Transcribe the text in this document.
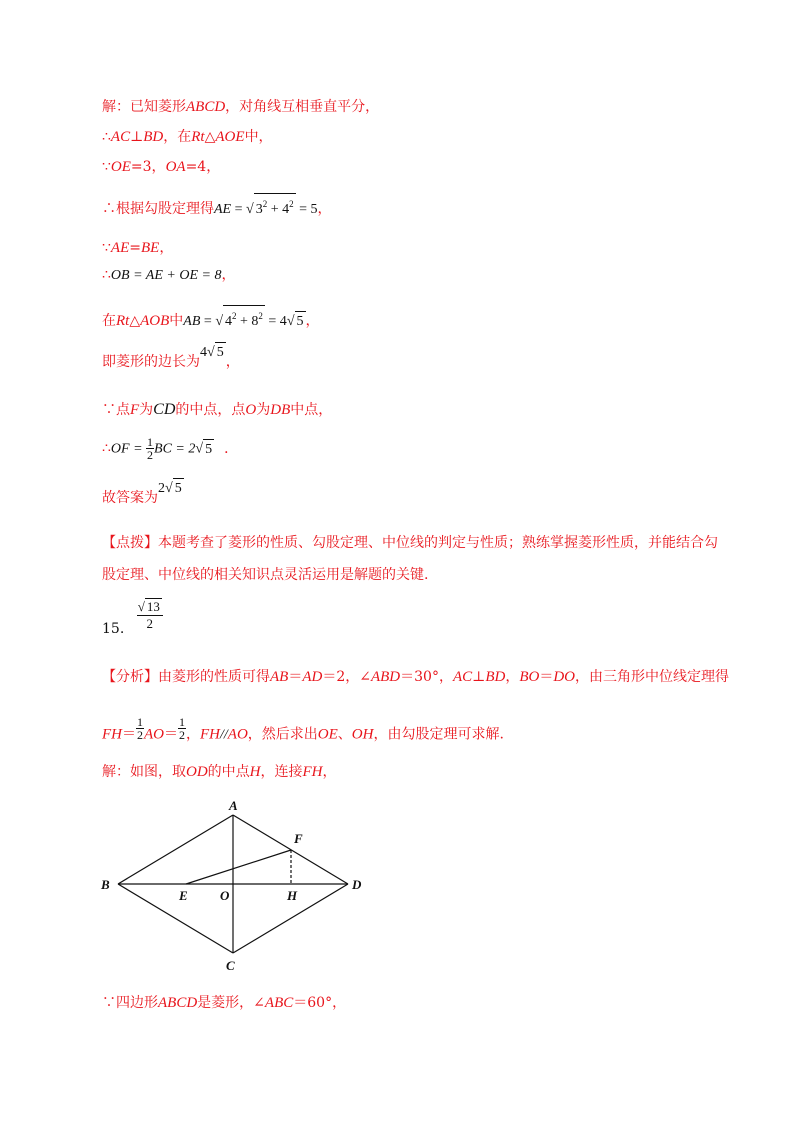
解：已知菱形ABCD，对角线互相垂直平分，
∴AC⊥BD，在Rt△AOE中，
∵OE=3，OA=4，
∴根据勾股定理得AE = √ $3^2 + 4^2 = 5$，
∵AE=BE，
∴OB = AE + OE = 8，
在Rt△AOB中AB = √ $4^2 + 8^2 = 4√$ 5 ，
即菱形的边长为4√ 5，
∵点F为CD的中点，点O为DB中点，
∴OF = $\frac{1}{2}$ BC = 2√ 5 ．
故答案为2√ 5
【点拨】本题考查了菱形的性质、勾股定理、中位线的判定与性质；熟练掌握菱形性质，并能结合勾股定理、中位线的相关知识点灵活运用是解题的关键.
15. $\frac{√ 13}{2}$
【分析】由菱形的性质可得AB＝AD＝2，∠ABD＝30°，AC⊥BD，BO＝DO，由三角形中位线定理得
$FH= \frac{1}{2} AO= \frac{1}{2}$ ，FH//AO，然后求出OE、OH，由勾股定理可求解.
解：如图，取OD的中点H，连接FH，
A
B
C
D
E
F
O	H
∵四边形ABCD是菱形，∠ABC＝60°，
